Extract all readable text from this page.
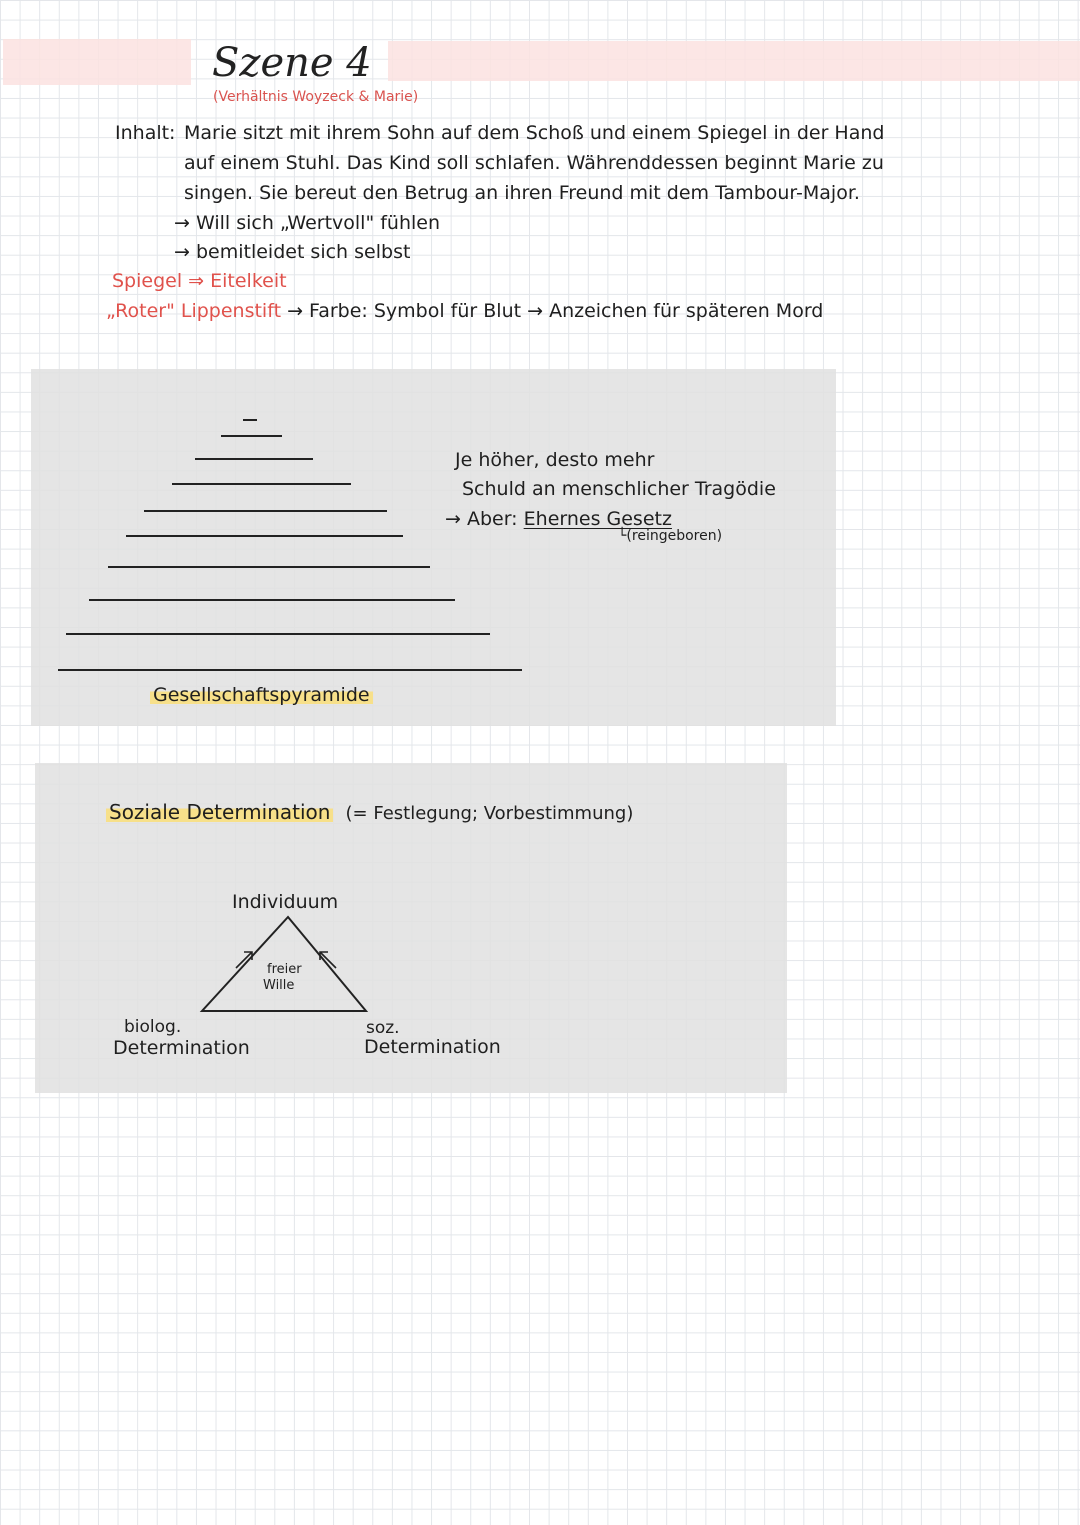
Szene 4
(Verhältnis Woyzeck & Marie)
Inhalt: Marie sitzt mit ihrem Sohn auf dem Schoß und einem Spiegel in der Hand
auf einem Stuhl. Das Kind soll schlafen. Währenddessen beginnt Marie zu
singen. Sie bereut den Betrug an ihren Freund mit dem Tambour-Major.
→ Will sich „Wertvoll" fühlen
→ bemitleidet sich selbst
Spiegel ⇒ Eitelkeit
„Roter" Lippenstift → Farbe: Symbol für Blut → Anzeichen für späteren Mord
Gesellschaftspyramide
Je höher, desto mehr
Schuld an menschlicher Tragödie
→ Aber: Ehernes Gesetz
└(reingeboren)
Soziale Determination (= Festlegung; Vorbestimmung)
Individuum
freier
Wille
biolog.
Determination
soz.
Determination
